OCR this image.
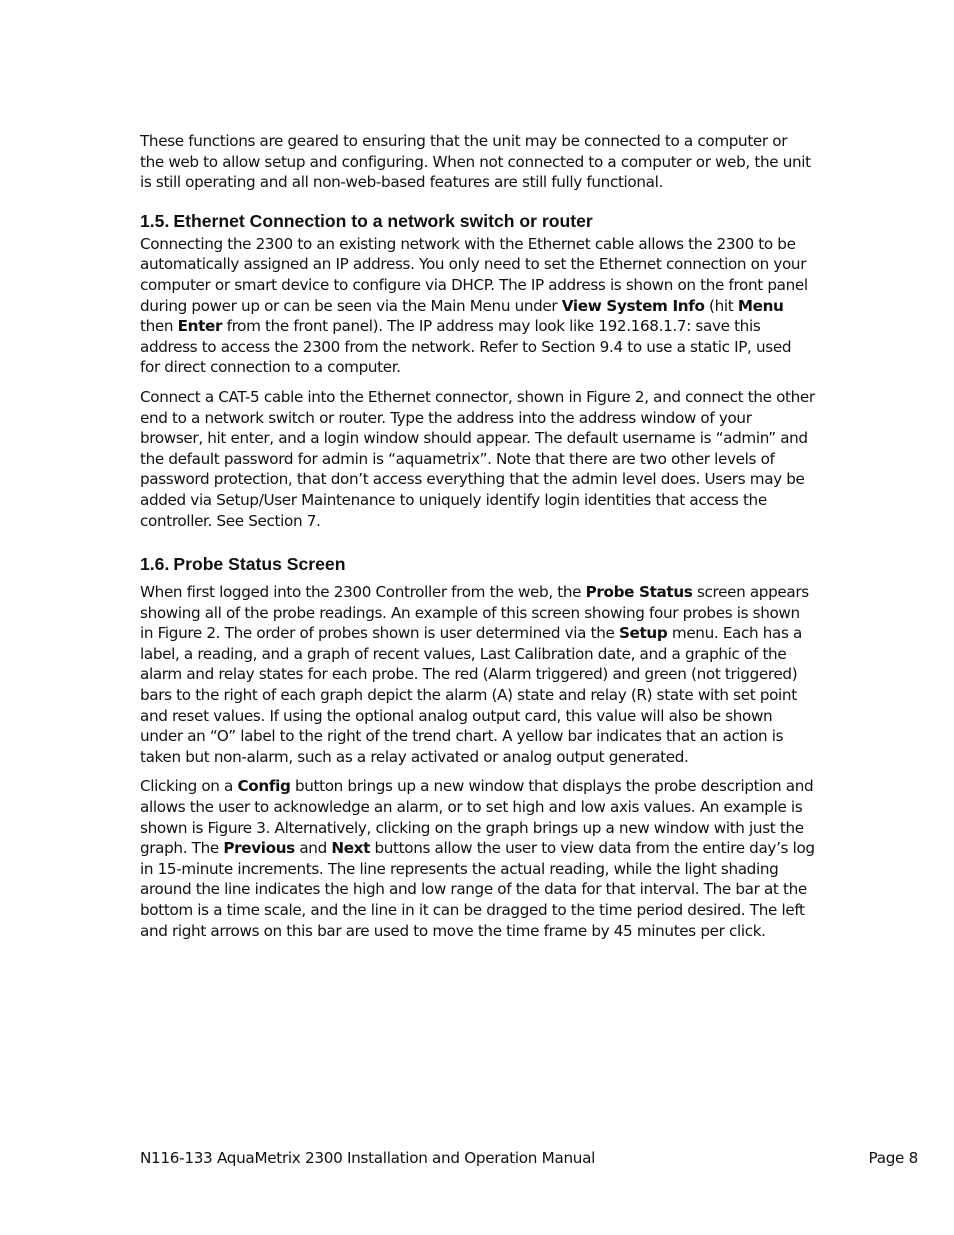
These functions are geared to ensuring that the unit may be connected to a computer or the web to allow setup and configuring. When not connected to a computer or web, the unit is still operating and all non-web-based features are still fully functional.

1.5. Ethernet Connection to a network switch or router

Connecting the 2300 to an existing network with the Ethernet cable allows the 2300 to be automatically assigned an IP address. You only need to set the Ethernet connection on your computer or smart device to configure via DHCP. The IP address is shown on the front panel during power up or can be seen via the Main Menu under View System Info (hit Menu then Enter from the front panel). The IP address may look like 192.168.1.7: save this address to access the 2300 from the network. Refer to Section 9.4 to use a static IP, used for direct connection to a computer.

Connect a CAT-5 cable into the Ethernet connector, shown in Figure 2, and connect the other end to a network switch or router. Type the address into the address window of your browser, hit enter, and a login window should appear. The default username is “admin” and the default password for admin is “aquametrix”. Note that there are two other levels of password protection, that don’t access everything that the admin level does. Users may be added via Setup/User Maintenance to uniquely identify login identities that access the controller. See Section 7.

1.6. Probe Status Screen

When first logged into the 2300 Controller from the web, the Probe Status screen appears showing all of the probe readings. An example of this screen showing four probes is shown in Figure 2. The order of probes shown is user determined via the Setup menu. Each has a label, a reading, and a graph of recent values, Last Calibration date, and a graphic of the alarm and relay states for each probe. The red (Alarm triggered) and green (not triggered) bars to the right of each graph depict the alarm (A) state and relay (R) state with set point and reset values. If using the optional analog output card, this value will also be shown under an “O” label to the right of the trend chart. A yellow bar indicates that an action is taken but non-alarm, such as a relay activated or analog output generated.

Clicking on a Config button brings up a new window that displays the probe description and allows the user to acknowledge an alarm, or to set high and low axis values. An example is shown is Figure 3. Alternatively, clicking on the graph brings up a new window with just the graph. The Previous and Next buttons allow the user to view data from the entire day’s log in 15-minute increments. The line represents the actual reading, while the light shading around the line indicates the high and low range of the data for that interval. The bar at the bottom is a time scale, and the line in it can be dragged to the time period desired. The left and right arrows on this bar are used to move the time frame by 45 minutes per click.

N116-133 AquaMetrix 2300 Installation and Operation Manual	Page 8
